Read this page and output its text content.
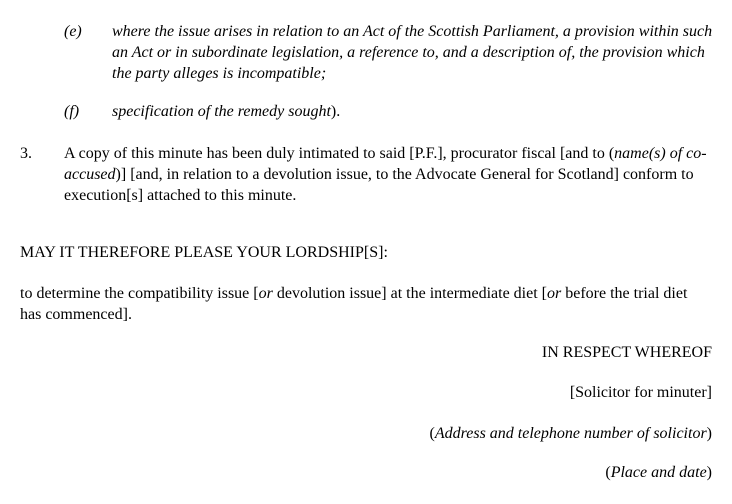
(e) where the issue arises in relation to an Act of the Scottish Parliament, a provision within such an Act or in subordinate legislation, a reference to, and a description of, the provision which the party alleges is incompatible;
(f) specification of the remedy sought).
3. A copy of this minute has been duly intimated to said [P.F.], procurator fiscal [and to (name(s) of co-accused)] [and, in relation to a devolution issue, to the Advocate General for Scotland] conform to execution[s] attached to this minute.
MAY IT THEREFORE PLEASE YOUR LORDSHIP[S]:
to determine the compatibility issue [or devolution issue] at the intermediate diet [or before the trial diet has commenced].
IN RESPECT WHEREOF
[Solicitor for minuter]
(Address and telephone number of solicitor)
(Place and date)
